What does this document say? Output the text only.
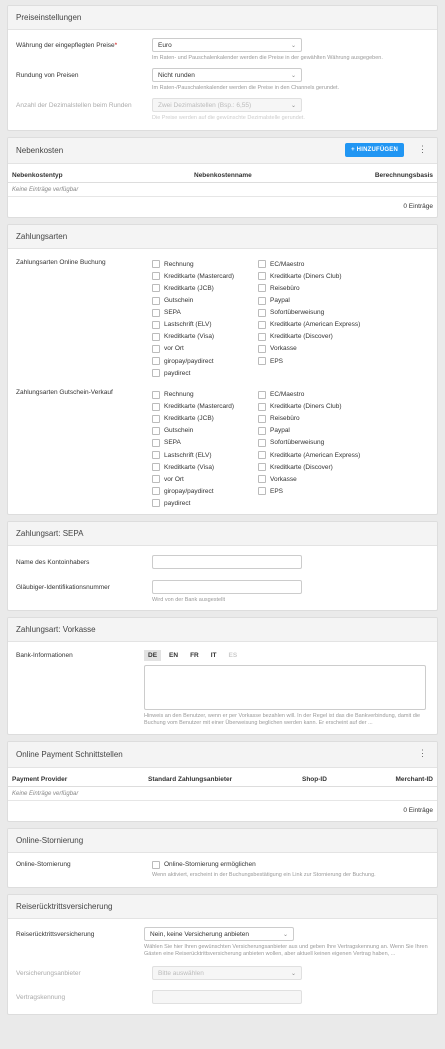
Preiseinstellungen
Währung der eingepflegten Preise*	Euro	⌄
Im Raten- und Pauschalenkalender werden die Preise in der gewählten Währung ausgegeben.
Rundung von Preisen	Nicht runden	⌄
Im Raten-/Pauschalenkalender werden die Preise in den Channels gerundet.
Anzahl der Dezimalstellen beim Runden	Zwei Dezimalstellen (Bsp.: 6,55)	⌄
Die Preise werden auf die gewünschte Dezimalstelle gerundet.
Nebenkosten	+ HINZUFÜGEN	⋮
Nebenkostentyp	Nebenkostenname	Berechnungsbasis
Keine Einträge verfügbar
0 Einträge
Zahlungsarten
Zahlungsarten Online Buchung	Rechnung	EC/Maestro
Kreditkarte (Mastercard)	Kreditkarte (Diners Club)
Kreditkarte (JCB)	Reisebüro
Gutschein	Paypal
SEPA	Sofortüberweisung
Lastschrift (ELV)	Kreditkarte (American Express)
Kreditkarte (Visa)	Kreditkarte (Discover)
vor Ort	Vorkasse
giropay/paydirect	EPS
paydirect
Zahlungsarten Gutschein-Verkauf	Rechnung	EC/Maestro
Kreditkarte (Mastercard)	Kreditkarte (Diners Club)
Kreditkarte (JCB)	Reisebüro
Gutschein	Paypal
SEPA	Sofortüberweisung
Lastschrift (ELV)	Kreditkarte (American Express)
Kreditkarte (Visa)	Kreditkarte (Discover)
vor Ort	Vorkasse
giropay/paydirect	EPS
paydirect
Zahlungsart: SEPA
Name des Kontoinhabers
Gläubiger-Identifikationsnummer
Wird von der Bank ausgestellt
Zahlungsart: Vorkasse
Bank-Informationen	DE	EN	FR	IT	ES
Hinweis an den Benutzer, wenn er per Vorkasse bezahlen will. In der Regel ist das die Bankverbindung, damit die Buchung vom Benutzer mit einer Überweisung beglichen werden kann. Er erscheint auf der ...
Online Payment Schnittstellen	⋮
Payment Provider	Standard Zahlungsanbieter	Shop-ID	Merchant-ID
Keine Einträge verfügbar
0 Einträge
Online-Stornierung
Online-Stornierung	Online-Stornierung ermöglichen
Wenn aktiviert, erscheint in der Buchungsbestätigung ein Link zur Stornierung der Buchung.
Reiserücktrittsversicherung
Reiserücktrittsversicherung	Nein, keine Versicherung anbieten	⌄
Wählen Sie hier Ihren gewünschten Versicherungsanbieter aus und geben Ihre Vertragskennung an. Wenn Sie Ihren Gästen eine Reiserücktrittsversicherung anbieten wollen, aber aktuell keinen eigenen Vertrag haben, ...
Versicherungsanbieter	Bitte auswählen	⌄
Vertragskennung
